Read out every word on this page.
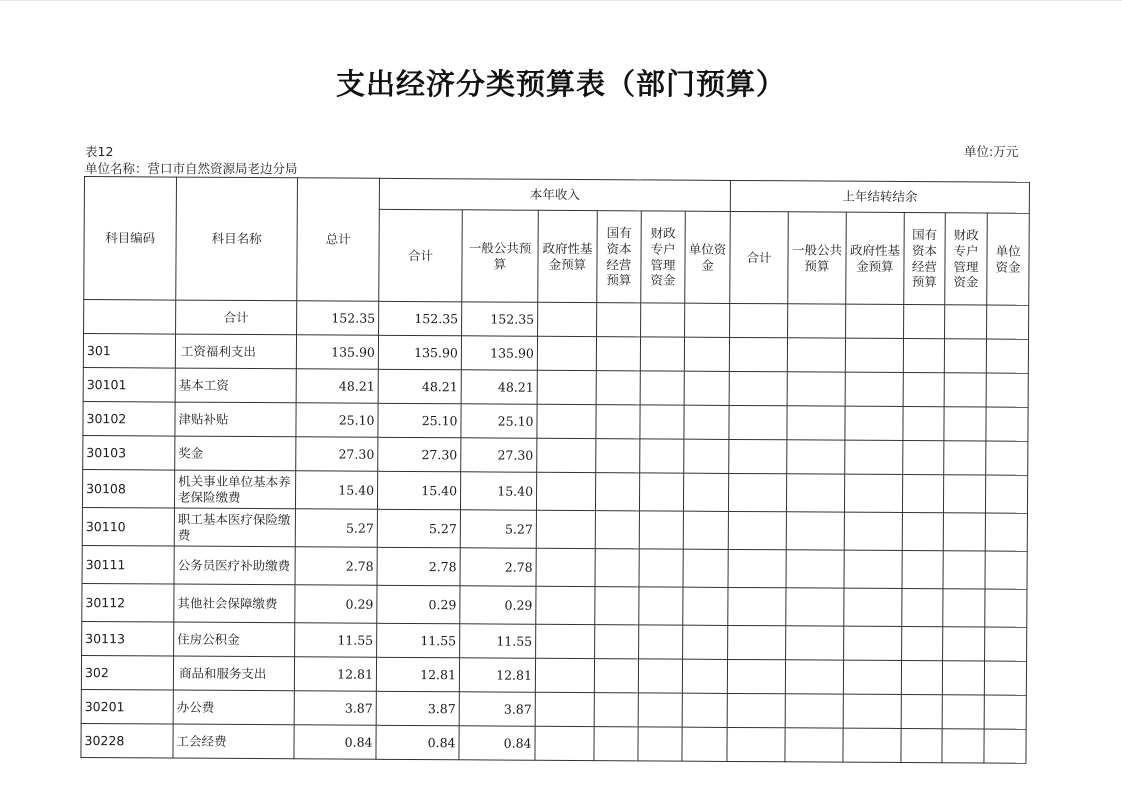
支出经济分类预算表（部门预算）
表12
单位名称：营口市自然资源局老边分局
单位:万元
科目编码	科目名称	总计	本年收入						上年结转结余					
			合计	一般公共预算	政府性基金预算	国有资本经营预算	财政专户管理资金	单位资金	合计	一般公共预算	政府性基金预算	国有资本经营预算	财政专户管理资金	单位资金
	合计	152.35	152.35	152.35										
301	工资福利支出	135.90	135.90	135.90										
30101	基本工资	48.21	48.21	48.21										
30102	津贴补贴	25.10	25.10	25.10										
30103	奖金	27.30	27.30	27.30										
30108	机关事业单位基本养老保险缴费	15.40	15.40	15.40										
30110	职工基本医疗保险缴费	5.27	5.27	5.27										
30111	公务员医疗补助缴费	2.78	2.78	2.78										
30112	其他社会保障缴费	0.29	0.29	0.29										
30113	住房公积金	11.55	11.55	11.55										
302	商品和服务支出	12.81	12.81	12.81										
30201	办公费	3.87	3.87	3.87										
30228	工会经费	0.84	0.84	0.84										
